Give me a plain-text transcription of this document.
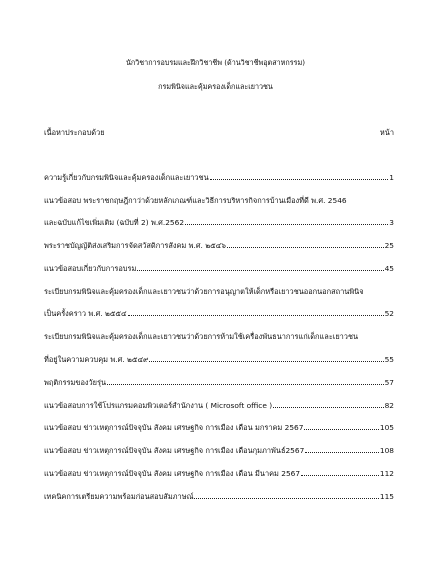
นักวิชาการอบรมและฝึกวิชาชีพ (ด้านวิชาชีพอุตสาหกรรม)
กรมพินิจและคุ้มครองเด็กและเยาวชน
เนื้อหาประกอบด้วย	หน้า
ความรู้เกี่ยวกับกรมพินิจและคุ้มครองเด็กและเยาวชน	1
แนวข้อสอบ พระราชกฤษฎีกาว่าด้วยหลักเกณฑ์และวิธีการบริหารกิจการบ้านเมืองที่ดี พ.ศ. 2546
และฉบับแก้ไขเพิ่มเติม (ฉบับที่ 2) พ.ศ.2562	3
พระราชบัญญัติส่งเสริมการจัดสวัสดิการสังคม พ.ศ. ๒๕๔๖	25
แนวข้อสอบเกี่ยวกับการอบรม	45
ระเบียบกรมพินิจและคุ้มครองเด็กและเยาวชนว่าด้วยการอนุญาตให้เด็กหรือเยาวชนออกนอกสถานพินิจ
เป็นครั้งคราว พ.ศ. ๒๕๕๔	52
ระเบียบกรมพินิจและคุ้มครองเด็กและเยาวชนว่าด้วยการห้ามใช้เครื่องพันธนาการแก่เด็กและเยาวชน
ที่อยู่ในความควบคุม พ.ศ. ๒๕๔๙	55
พฤติกรรมของวัยรุ่น	57
แนวข้อสอบการใช้โปรแกรมคอมพิวเตอร์สำนักงาน ( Microsoft office )	82
แนวข้อสอบ ข่าวเหตุการณ์ปัจจุบัน สังคม เศรษฐกิจ การเมือง เดือน มกราคม 2567	105
แนวข้อสอบ ข่าวเหตุการณ์ปัจจุบัน สังคม เศรษฐกิจ การเมือง เดือนกุมภาพันธ์2567	108
แนวข้อสอบ ข่าวเหตุการณ์ปัจจุบัน สังคม เศรษฐกิจ การเมือง เดือน มีนาคม 2567	112
เทคนิคการเตรียมความพร้อมก่อนสอบสัมภาษณ์	115
